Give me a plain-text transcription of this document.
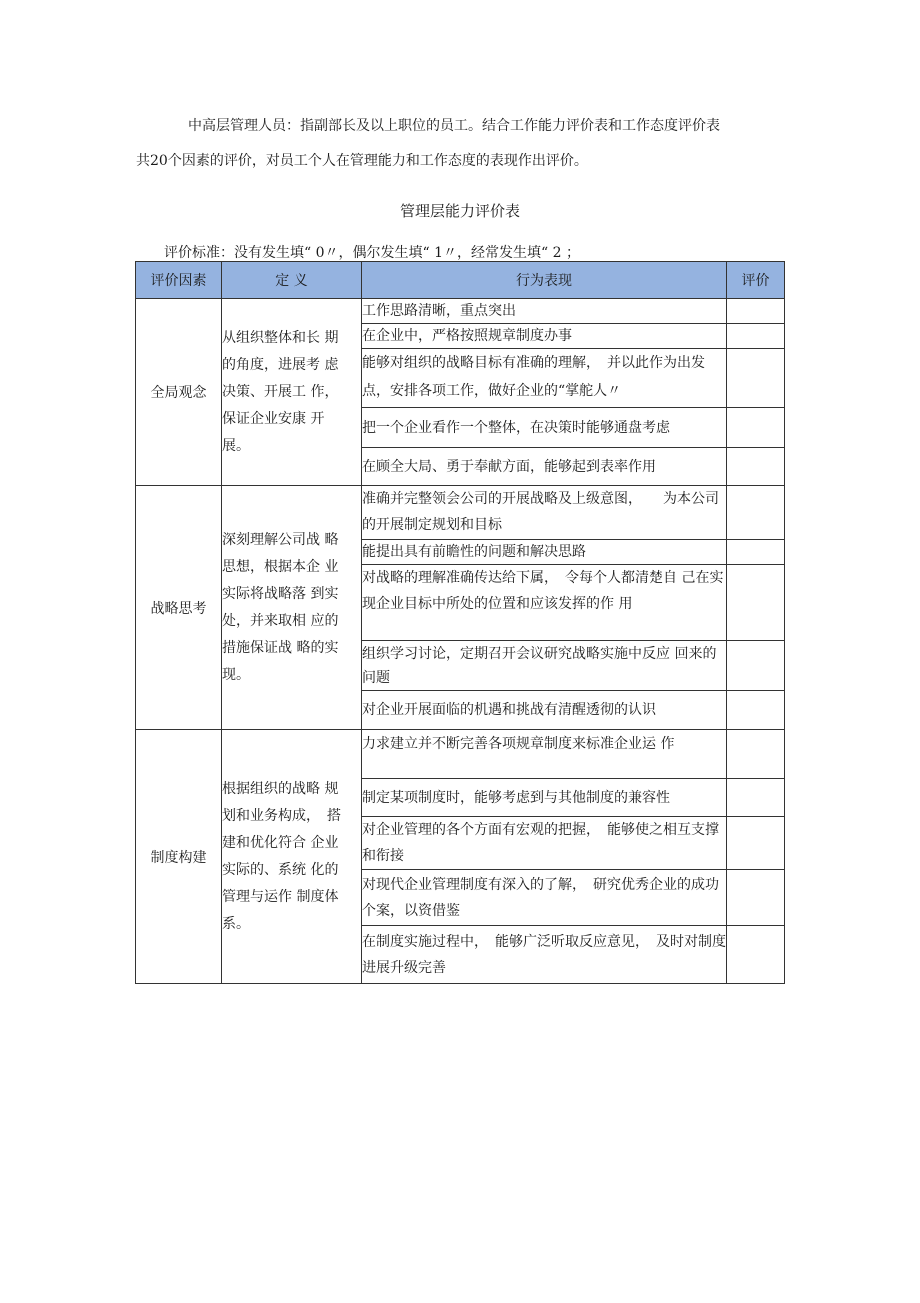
中高层管理人员：指副部长及以上职位的员工。结合工作能力评价表和工作态度评价表
共20个因素的评价，对员工个人在管理能力和工作态度的表现作出评价。
管理层能力评价表
评价标准：没有发生填“ 0〃，偶尔发生填“ 1〃，经常发生填“ 2 ；
评价因素	定 义	行为表现	评价
全局观念	从组织整体和长 期的角度，进展考 虑决策、开展工 作，保证企业安康 开展。	工作思路清晰，重点突出	
		在企业中，严格按照规章制度办事	
		能够对组织的战略目标有准确的理解，　并以此作为出发点，安排各项工作，做好企业的“掌舵人〃	
		把一个企业看作一个整体，在决策时能够通盘考虑	
		在顾全大局、勇于奉献方面，能够起到表率作用	
战略思考	深刻理解公司战 略思想，根据本企 业实际将战略落 到实处，并来取相 应的措施保证战 略的实现。	准确并完整领会公司的开展战略及上级意图，　　为本公司的开展制定规划和目标	
		能提出具有前瞻性的问题和解决思路	
		对战略的理解准确传达给下属，　令每个人都清楚自 己在实现企业目标中所处的位置和应该发挥的作 用	
		组织学习讨论，定期召开会议研究战略实施中反应 回来的问题	
		对企业开展面临的机遇和挑战有清醒透彻的认识	
制度构建	根据组织的战略 规划和业务构成，　搭建和优化符合 企业实际的、系统 化的管理与运作 制度体系。	力求建立并不断完善各项规章制度来标准企业运 作	
		制定某项制度时，能够考虑到与其他制度的兼容性	
		对企业管理的各个方面有宏观的把握，　能够使之相互支撑和衔接	
		对现代企业管理制度有深入的了解，　研究优秀企业的成功个案，以资借鉴	
		在制度实施过程中，　能够广泛听取反应意见，　及时对制度进展升级完善	
